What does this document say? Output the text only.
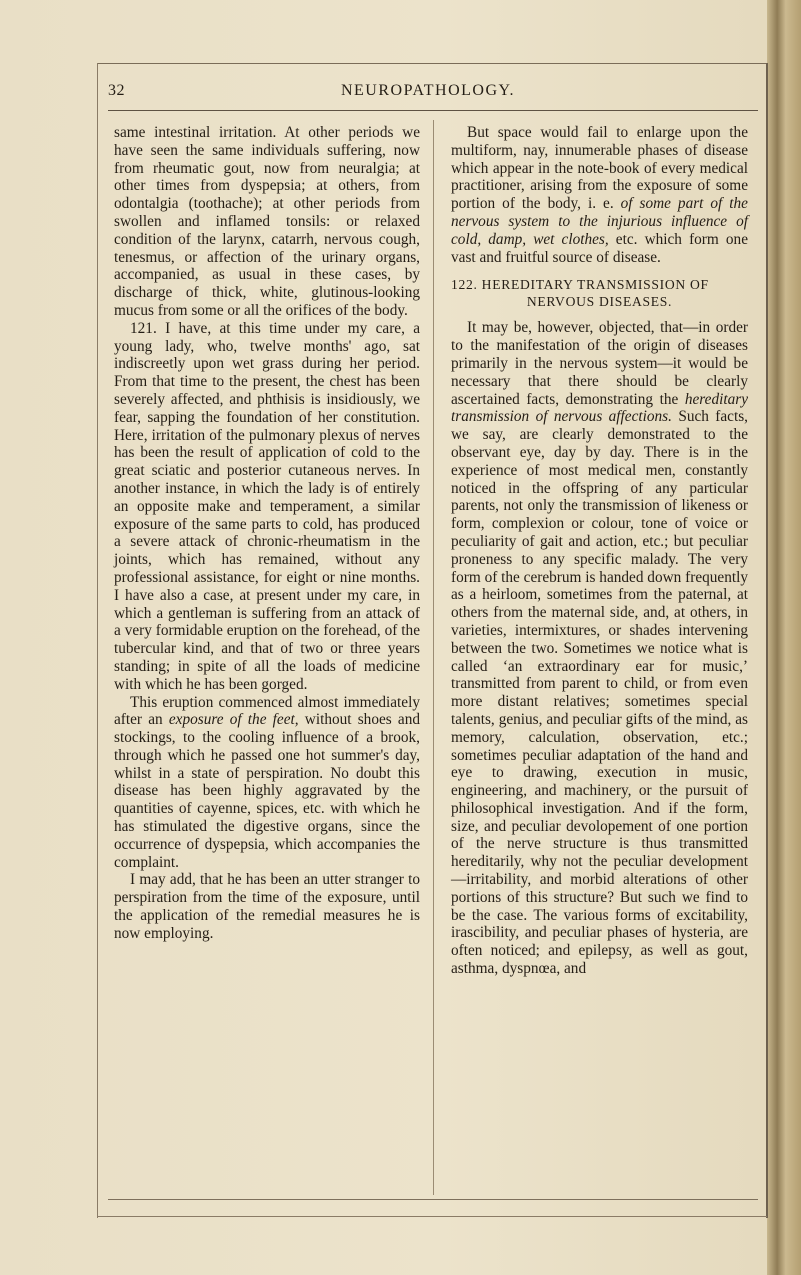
32	NEUROPATHOLOGY.

same intestinal irritation. At other periods we have seen the same individuals suffering, now from rheumatic gout, now from neuralgia; at other times from dyspepsia; at others, from odontalgia (toothache); at other periods from swollen and inflamed tonsils: or relaxed condition of the larynx, catarrh, nervous cough, tenesmus, or affection of the urinary organs, accompanied, as usual in these cases, by discharge of thick, white, glutinous-looking mucus from some or all the orifices of the body.

121. I have, at this time under my care, a young lady, who, twelve months' ago, sat indiscreetly upon wet grass during her period. From that time to the present, the chest has been severely affected, and phthisis is insidiously, we fear, sapping the foundation of her constitution. Here, irritation of the pulmonary plexus of nerves has been the result of application of cold to the great sciatic and posterior cutaneous nerves. In another instance, in which the lady is of entirely an opposite make and temperament, a similar exposure of the same parts to cold, has produced a severe attack of chronic-rheumatism in the joints, which has remained, without any professional assistance, for eight or nine months. I have also a case, at present under my care, in which a gentleman is suffering from an attack of a very formidable eruption on the forehead, of the tubercular kind, and that of two or three years standing; in spite of all the loads of medicine with which he has been gorged.

This eruption commenced almost immediately after an exposure of the feet, without shoes and stockings, to the cooling influence of a brook, through which he passed one hot summer's day, whilst in a state of perspiration. No doubt this disease has been highly aggravated by the quantities of cayenne, spices, etc. with which he has stimulated the digestive organs, since the occurrence of dyspepsia, which accompanies the complaint.

I may add, that he has been an utter stranger to perspiration from the time of the exposure, until the application of the remedial measures he is now employing.

But space would fail to enlarge upon the multiform, nay, innumerable phases of disease which appear in the note-book of every medical practitioner, arising from the exposure of some portion of the body, i. e. of some part of the nervous system to the injurious influence of cold, damp, wet clothes, etc. which form one vast and fruitful source of disease.

122. HEREDITARY TRANSMISSION OF
NERVOUS DISEASES.

It may be, however, objected, that—in order to the manifestation of the origin of diseases primarily in the nervous system—it would be necessary that there should be clearly ascertained facts, demonstrating the hereditary transmission of nervous affections. Such facts, we say, are clearly demonstrated to the observant eye, day by day. There is in the experience of most medical men, constantly noticed in the offspring of any particular parents, not only the transmission of likeness or form, complexion or colour, tone of voice or peculiarity of gait and action, etc.; but peculiar proneness to any specific malady. The very form of the cerebrum is handed down frequently as a heirloom, sometimes from the paternal, at others from the maternal side, and, at others, in varieties, intermixtures, or shades intervening between the two. Sometimes we notice what is called ‘an extraordinary ear for music,’ transmitted from parent to child, or from even more distant relatives; sometimes special talents, genius, and peculiar gifts of the mind, as memory, calculation, observation, etc.; sometimes peculiar adaptation of the hand and eye to drawing, execution in music, engineering, and machinery, or the pursuit of philosophical investigation. And if the form, size, and peculiar devolopement of one portion of the nerve structure is thus transmitted hereditarily, why not the peculiar development—irritability, and morbid alterations of other portions of this structure? But such we find to be the case. The various forms of excitability, irascibility, and peculiar phases of hysteria, are often noticed; and epilepsy, as well as gout, asthma, dyspnœa, and
